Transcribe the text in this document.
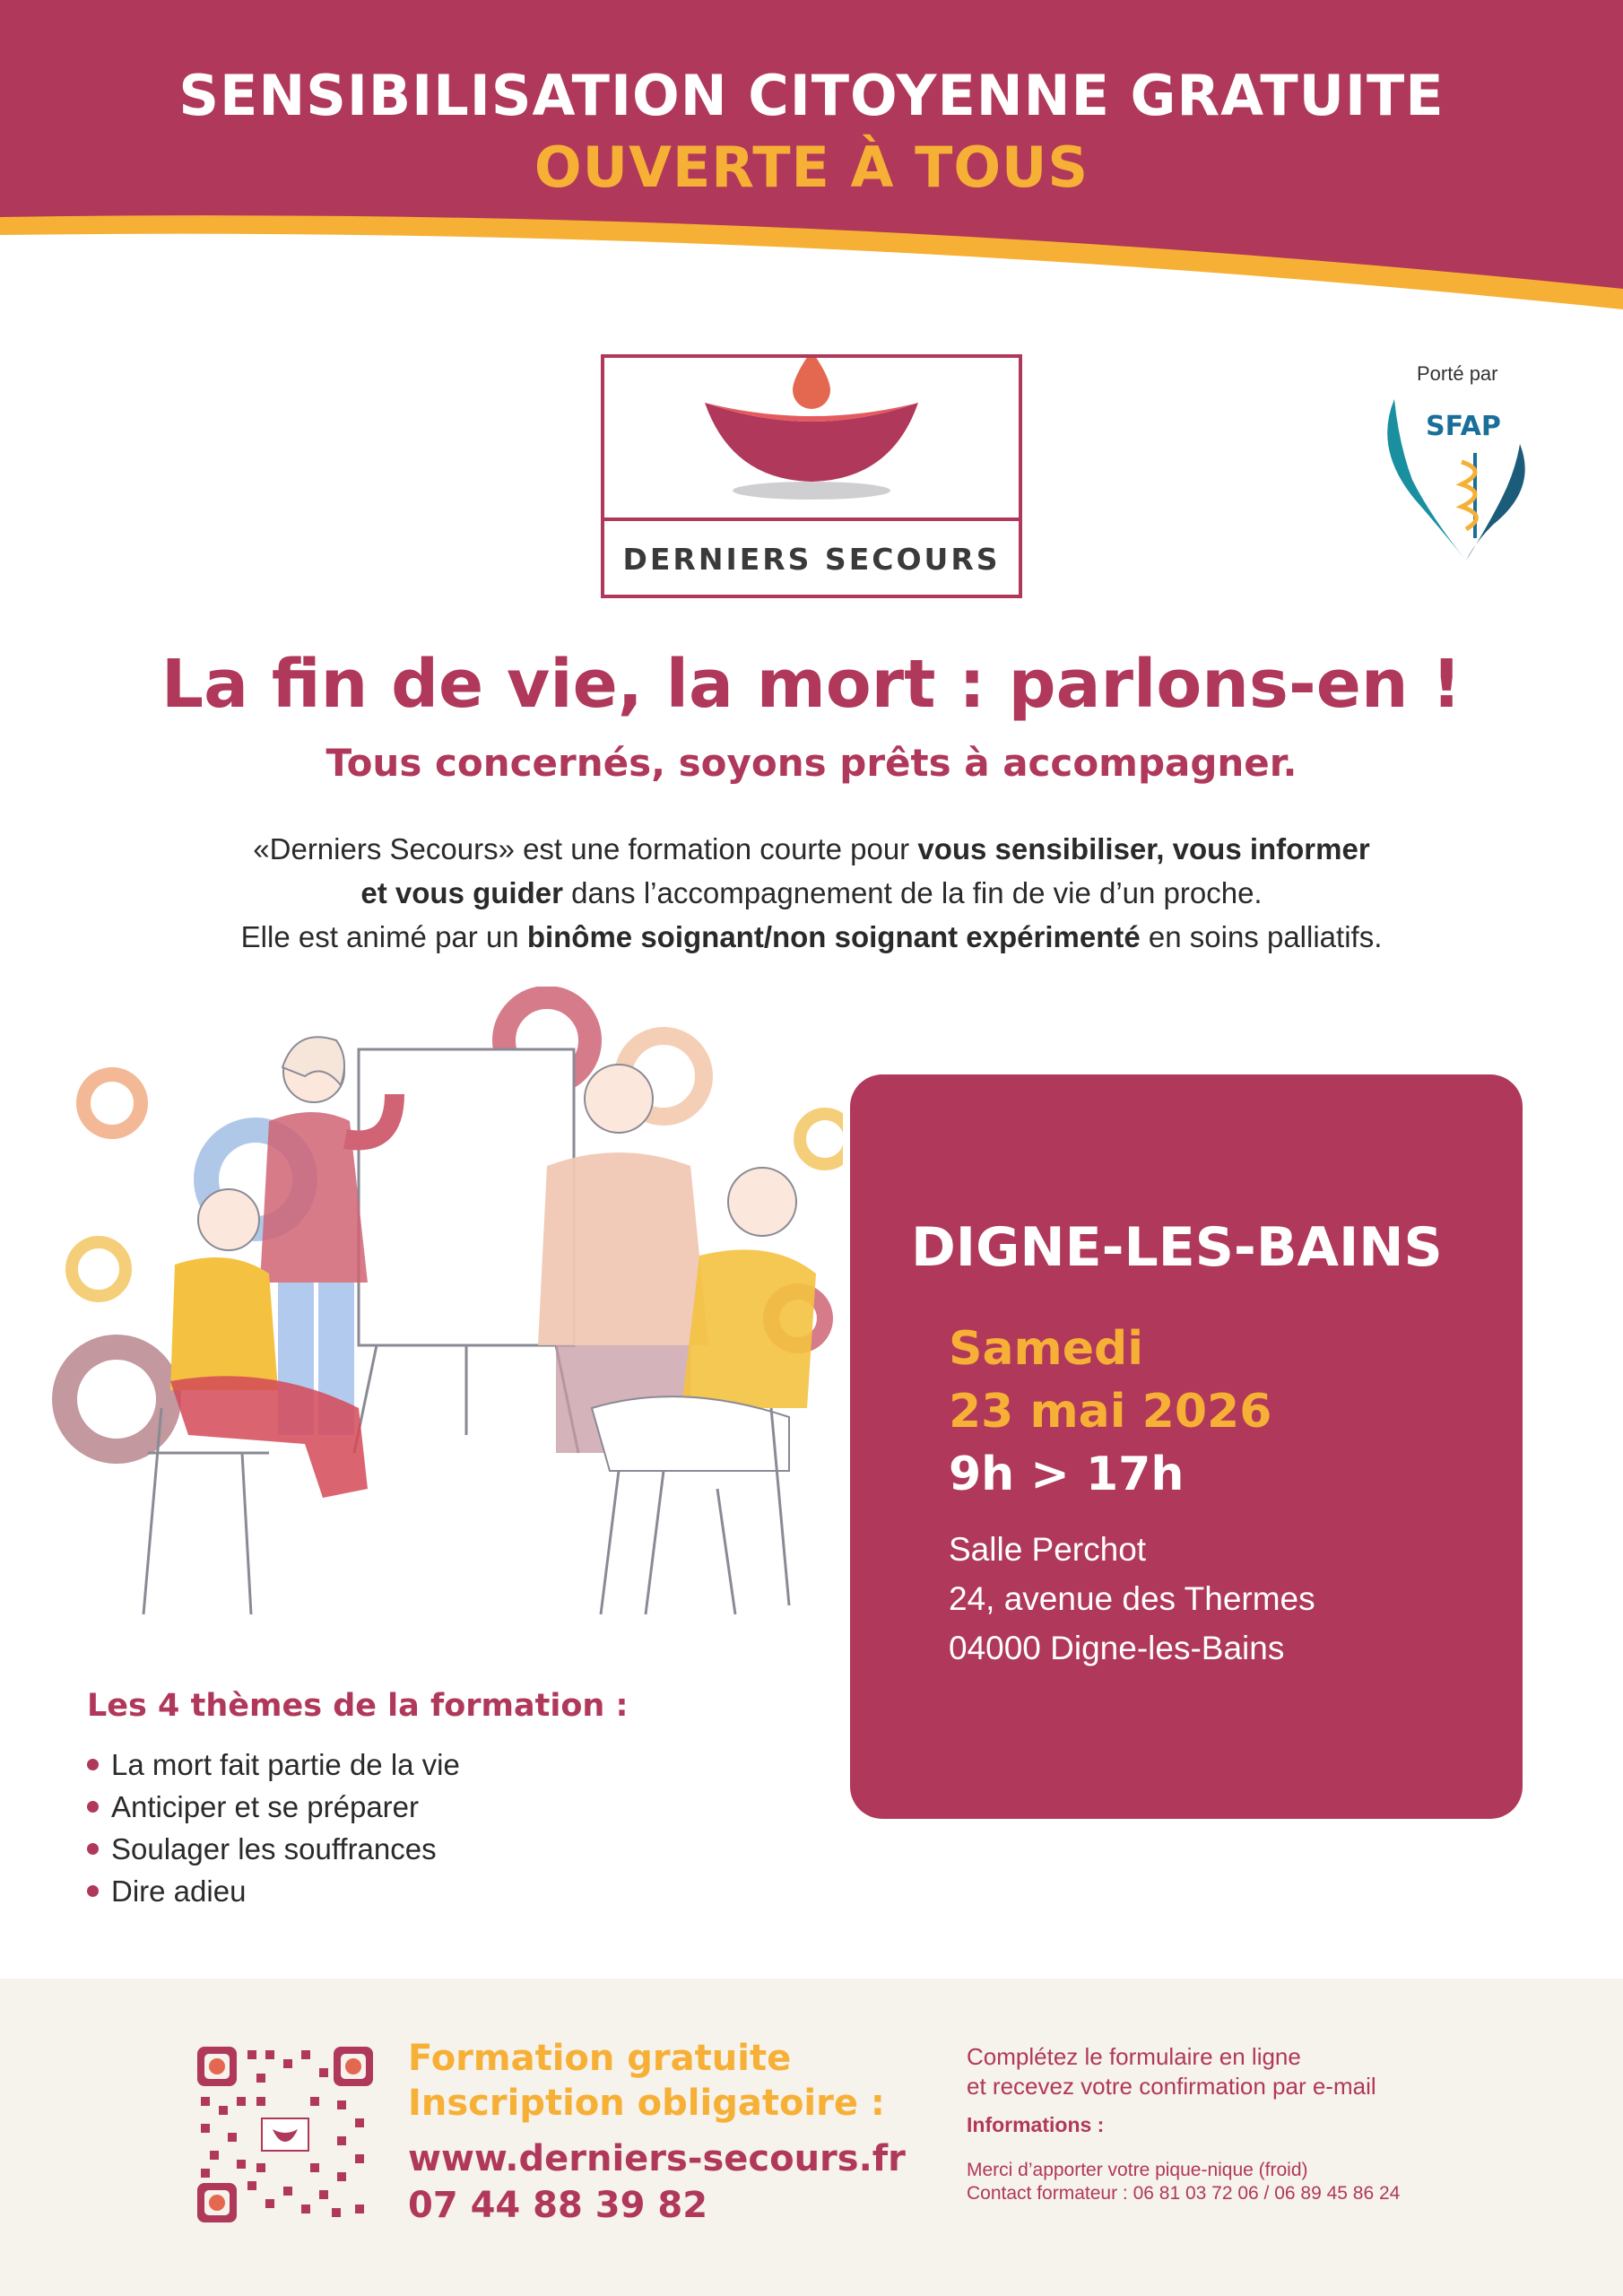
SENSIBILISATION CITOYENNE GRATUITE
OUVERTE À TOUS
DERNIERS SECOURS
Porté par
SFAP
La fin de vie, la mort : parlons-en !
Tous concernés, soyons prêts à accompagner.
«Derniers Secours» est une formation courte pour vous sensibiliser, vous informer
et vous guider dans l’accompagnement de la fin de vie d’un proche.
Elle est animé par un binôme soignant/non soignant expérimenté en soins palliatifs.
Les 4 thèmes de la formation :
La mort fait partie de la vie
Anticiper et se préparer
Soulager les souffrances
Dire adieu
DIGNE-LES-BAINS
Samedi
23 mai 2026
9h > 17h
Salle Perchot
24, avenue des Thermes
04000 Digne-les-Bains
Formation gratuite
Inscription obligatoire :
www.derniers-secours.fr
07 44 88 39 82
Complétez le formulaire en ligne
et recevez votre confirmation par e-mail
Informations :
Merci d’apporter votre pique-nique (froid)
Contact formateur : 06 81 03 72 06 / 06 89 45 86 24
